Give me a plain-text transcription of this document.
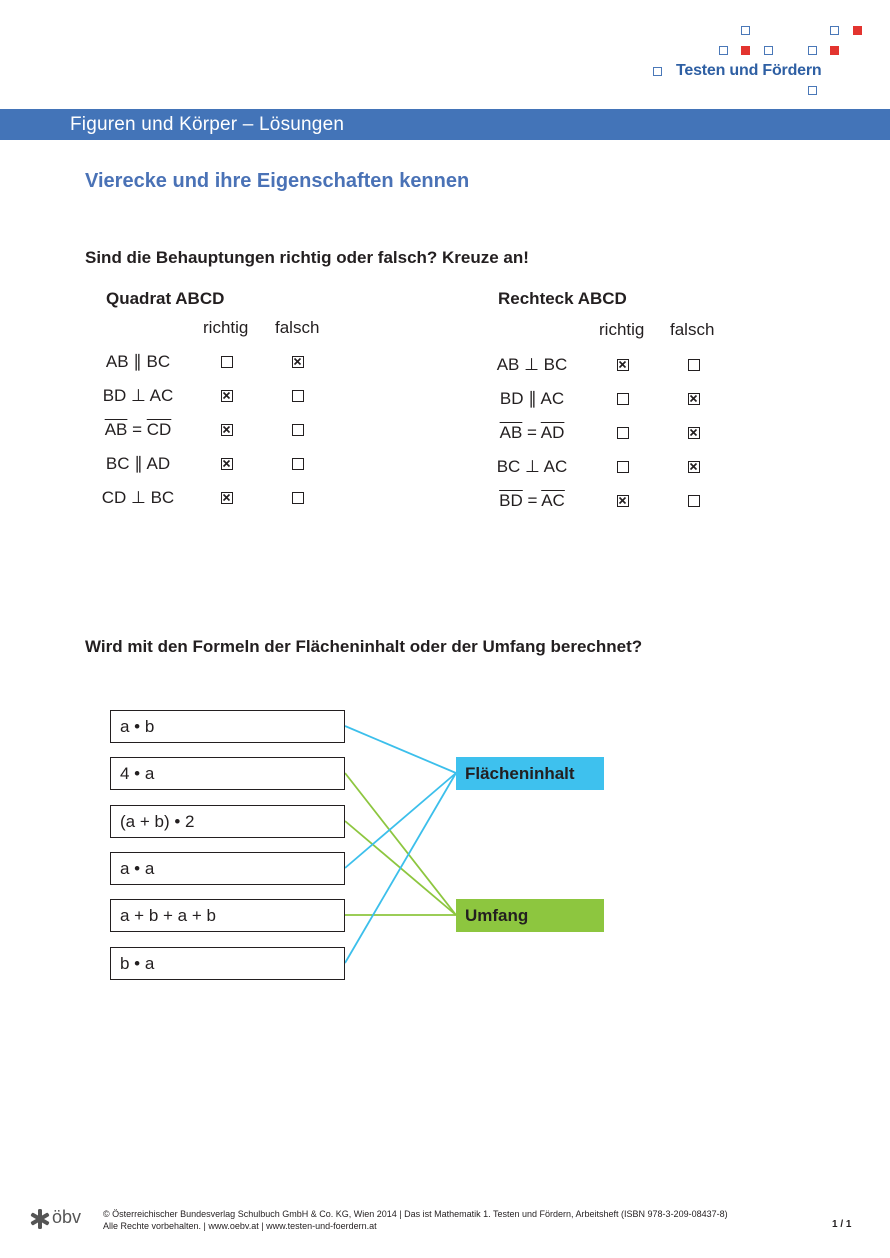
Testen und Fördern
Figuren und Körper – Lösungen
Vierecke und ihre Eigenschaften kennen
Sind die Behauptungen richtig oder falsch? Kreuze an!
Quadrat ABCD
richtig falsch
AB ∥ BC
BD ⊥ AC
$\overline{AB} = \overline{CD}$
BC ∥ AD
CD ⊥ BC
Rechteck ABCD
richtig falsch
AB ⊥ BC
BD ∥ AC
$\overline{AB} = \overline{AD}$
BC ⊥ AC
$\overline{BD} = \overline{AC}$
Wird mit den Formeln der Flächeninhalt oder der Umfang berechnet?
a • b
4 • a
(a + b) • 2
a • a
a + b + a + b
b • a
Flächeninhalt
Umfang
öbv © Österreichischer Bundesverlag Schulbuch GmbH & Co. KG, Wien 2014 | Das ist Mathematik 1. Testen und Fördern, Arbeitsheft (ISBN 978-3-209-08437-8)
Alle Rechte vorbehalten. | www.oebv.at | www.testen-und-foerdern.at	1 / 1
